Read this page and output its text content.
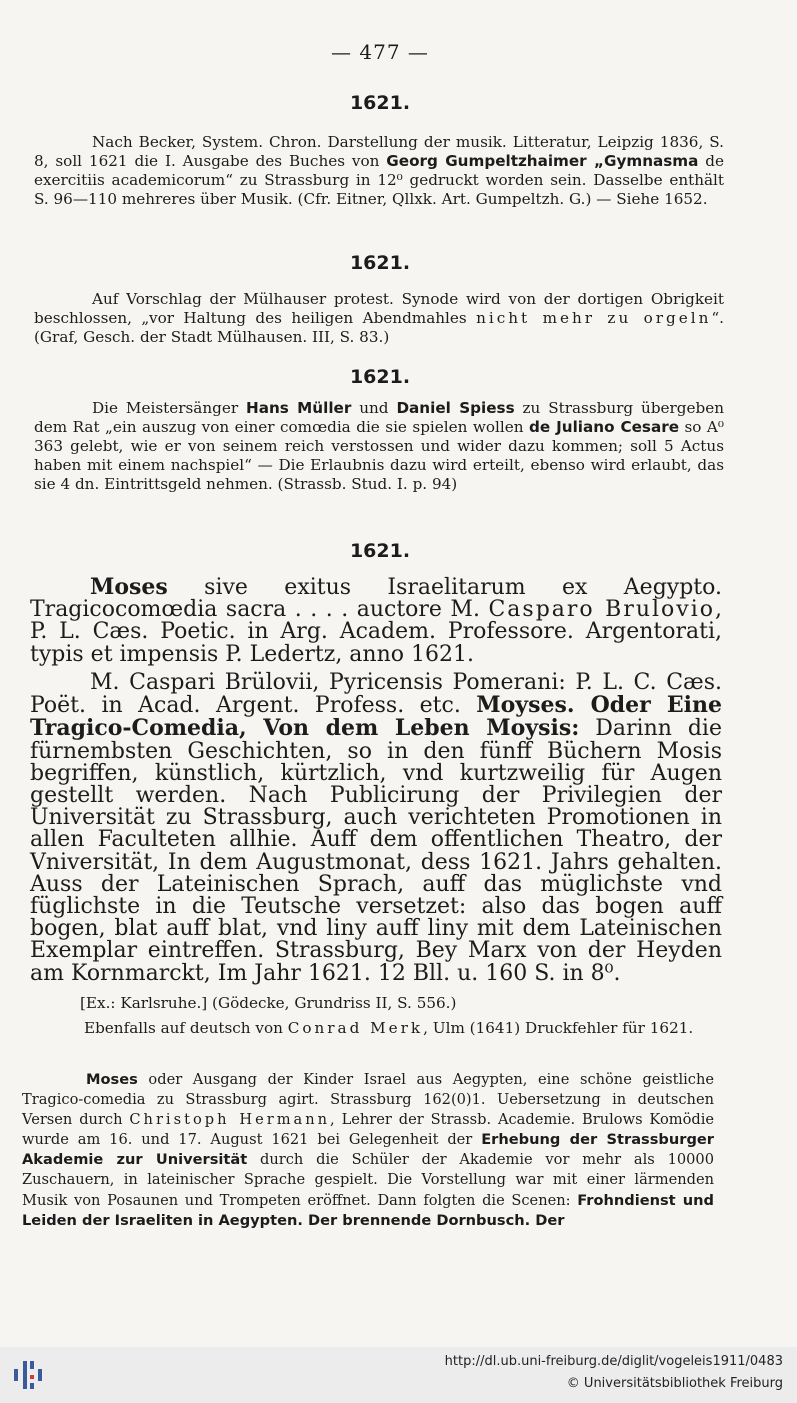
— 477 —
1621.

Nach Becker, System. Chron. Darstellung der musik. Litteratur, Leipzig 1836, S. 8, soll 1621 die I. Ausgabe des Buches von Georg Gumpeltzhaimer „Gymnasma de exercitiis academicorum“ zu Strassburg in 12⁰ gedruckt worden sein. Dasselbe enthält S. 96—110 mehreres über Musik. (Cfr. Eitner, Qllxk. Art. Gumpeltzh. G.) — Siehe 1652.

1621.

Auf Vorschlag der Mülhauser protest. Synode wird von der dortigen Obrigkeit beschlossen, „vor Haltung des heiligen Abendmahles nicht mehr zu orgeln“. (Graf, Gesch. der Stadt Mülhausen. III, S. 83.)

1621.

Die Meistersänger Hans Müller und Daniel Spiess zu Strassburg übergeben dem Rat „ein auszug von einer comœdia die sie spielen wollen de Juliano Cesare so A⁰ 363 gelebt, wie er von seinem reich verstossen und wider dazu kommen; soll 5 Actus haben mit einem nachspiel“ — Die Erlaubnis dazu wird erteilt, ebenso wird erlaubt, das sie 4 dn. Eintrittsgeld nehmen. (Strassb. Stud. I. p. 94)

1621.

Moses sive exitus Israelitarum ex Aegypto. Tragicocomœdia sacra . . . . auctore M. Casparo Brulovio, P. L. Cæs. Poetic. in Arg. Academ. Professore. Argentorati, typis et impensis P. Ledertz, anno 1621.

M. Caspari Brülovii, Pyricensis Pomerani: P. L. C. Cæs. Poët. in Acad. Argent. Profess. etc. Moyses. Oder Eine Tragico-Comedia, Von dem Leben Moysis: Darinn die fürnembsten Geschichten, so in den fünff Büchern Mosis begriffen, künstlich, kürtzlich, vnd kurtzweilig für Augen gestellt werden. Nach Publicirung der Privilegien der Universität zu Strassburg, auch verichteten Promotionen in allen Faculteten allhie. Auff dem offentlichen Theatro, der Vniversität, In dem Augustmonat, dess 1621. Jahrs gehalten. Auss der Lateinischen Sprach, auff das müglichste vnd füglichste in die Teutsche versetzet: also das bogen auff bogen, blat auff blat, vnd liny auff liny mit dem Lateinischen Exemplar eintreffen. Strassburg, Bey Marx von der Heyden am Kornmarckt, Im Jahr 1621. 12 Bll. u. 160 S. in 8⁰.

[Ex.: Karlsruhe.] (Gödecke, Grundriss II, S. 556.)

Ebenfalls auf deutsch von Conrad Merk, Ulm (1641) Druckfehler für 1621.

Moses oder Ausgang der Kinder Israel aus Aegypten, eine schöne geistliche Tragico-comedia zu Strassburg agirt. Strassburg 162(0)1. Uebersetzung in deutschen Versen durch Christoph Hermann, Lehrer der Strassb. Academie. Brulows Komödie wurde am 16. und 17. August 1621 bei Gelegenheit der Erhebung der Strassburger Akademie zur Universität durch die Schüler der Akademie vor mehr als 10000 Zuschauern, in lateinischer Sprache gespielt. Die Vorstellung war mit einer lärmenden Musik von Posaunen und Trompeten eröffnet. Dann folgten die Scenen: Frohndienst und Leiden der Israeliten in Aegypten. Der brennende Dornbusch. Der

http://dl.ub.uni-freiburg.de/diglit/vogeleis1911/0483
© Universitätsbibliothek Freiburg
